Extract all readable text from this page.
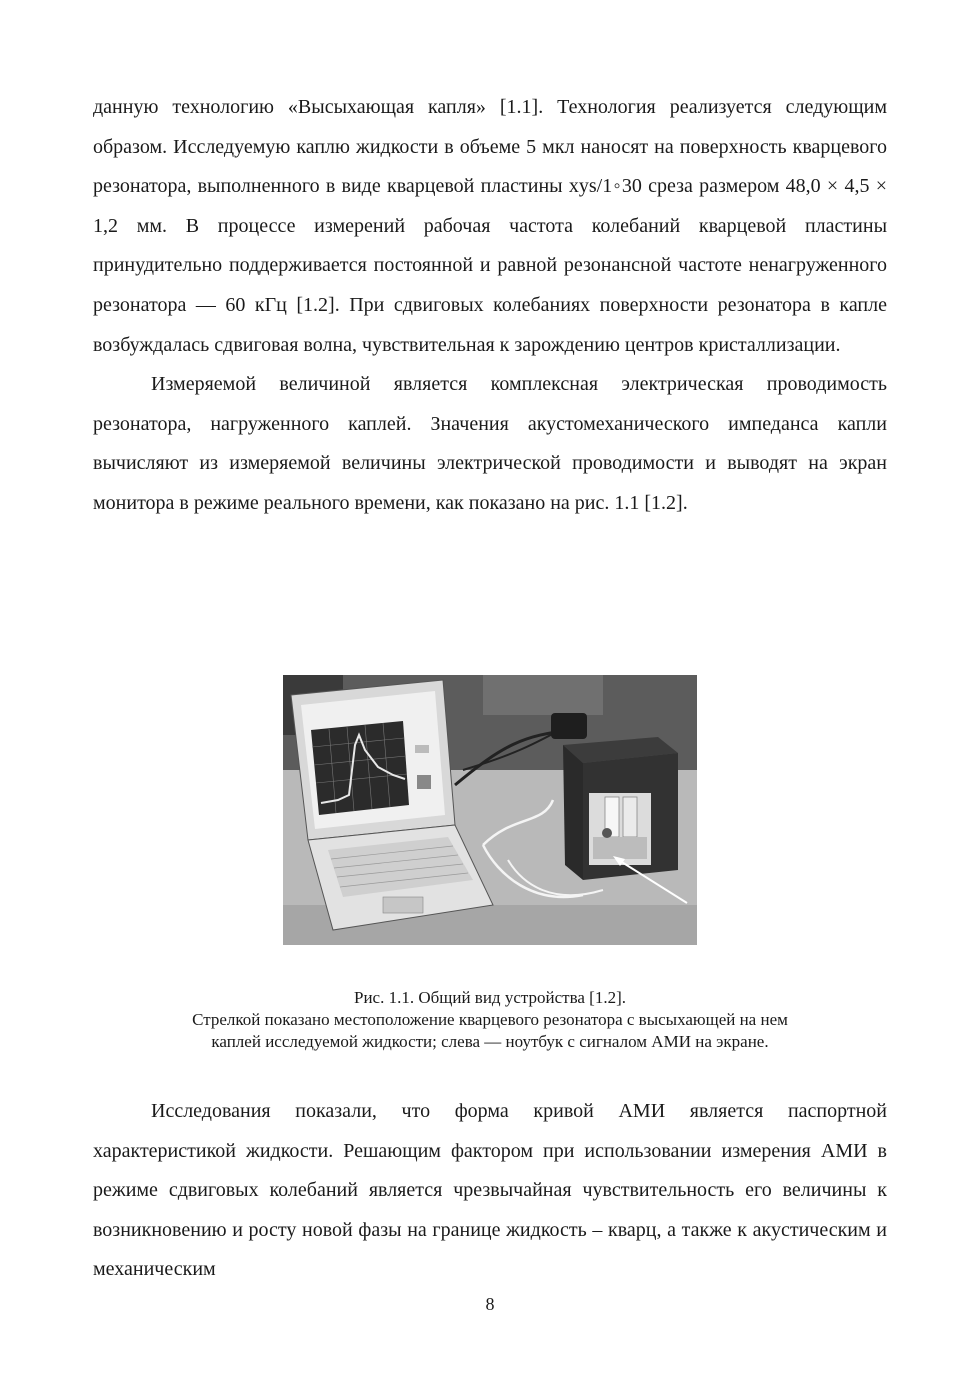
данную технологию «Высыхающая капля» [1.1]. Технология реализуется следующим образом. Исследуемую каплю жидкости в объеме 5 мкл наносят на поверхность кварцевого резонатора, выполненного в виде кварцевой пластины xys/1◦30 среза размером 48,0 × 4,5 × 1,2 мм. В процессе измерений рабочая частота колебаний кварцевой пластины принудительно поддерживается постоянной и равной резонансной частоте ненагруженного резонатора — 60 кГц [1.2]. При сдвиговых колебаниях поверхности резонатора в капле возбуждалась сдвиговая волна, чувствительная к зарождению центров кристаллизации.

Измеряемой величиной является комплексная электрическая проводимость резонатора, нагруженного каплей. Значения акустомеханического импеданса капли вычисляют из измеряемой величины электрической проводимости и выводят на экран монитора в режиме реального времени, как показано на рис. 1.1 [1.2].

Рис. 1.1. Общий вид устройства [1.2].
Стрелкой показано местоположение кварцевого резонатора с высыхающей на нем
каплей исследуемой жидкости; слева — ноутбук с сигналом АМИ на экране.

Исследования показали, что форма кривой АМИ является паспортной характеристикой жидкости. Решающим фактором при использовании измерения АМИ в режиме сдвиговых колебаний является чрезвычайная чувствительность его величины к возникновению и росту новой фазы на границе жидкость – кварц, а также к акустическим и механическим

8
